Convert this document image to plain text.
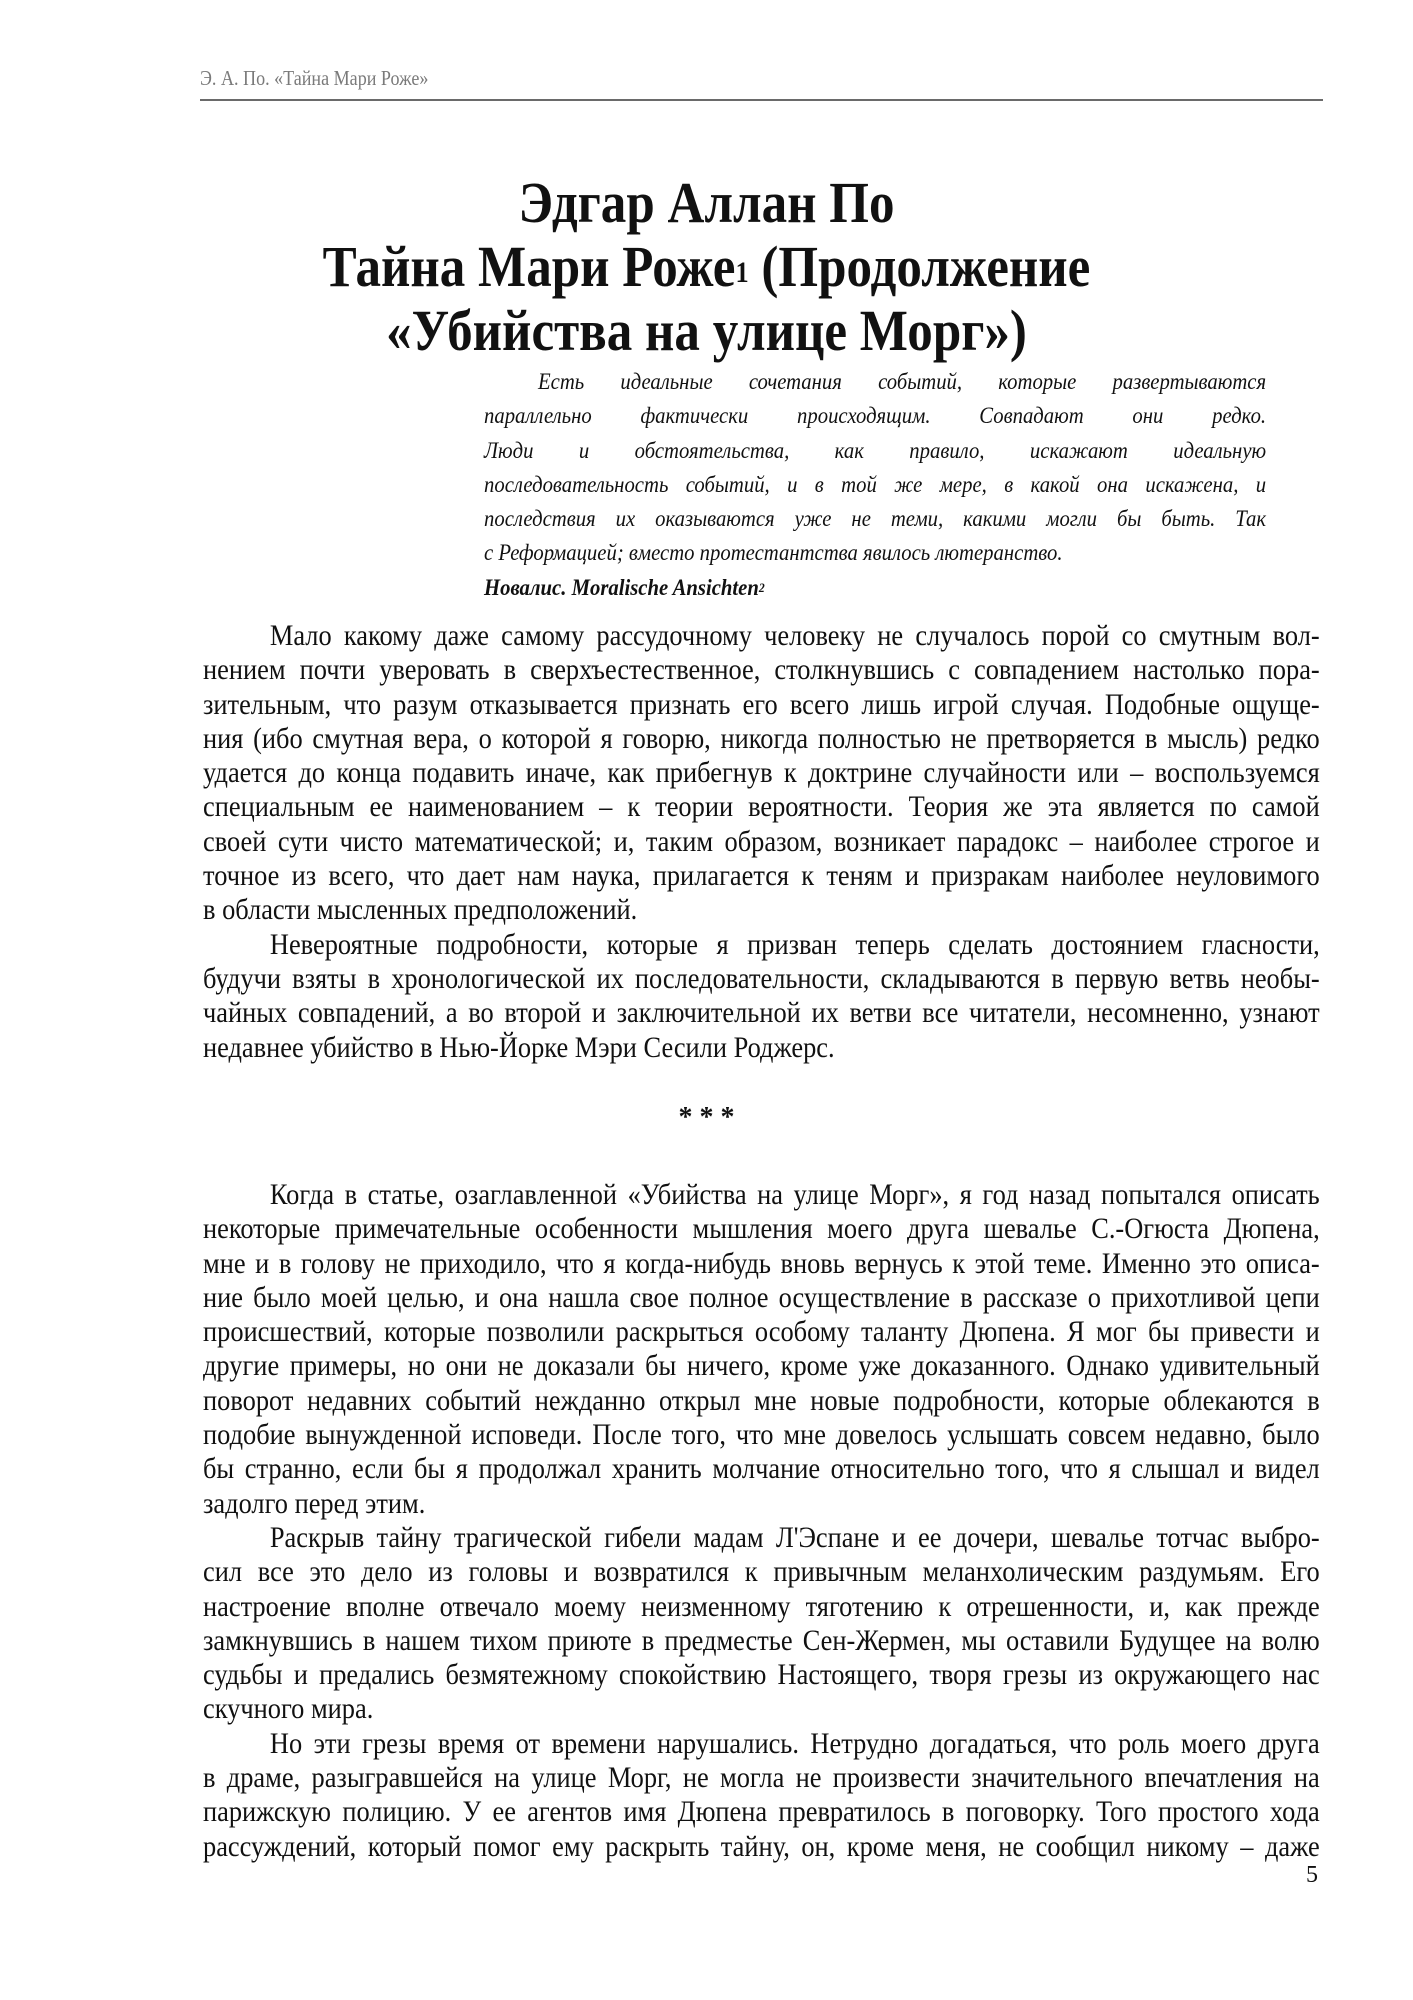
Э. А. По. «Тайна Мари Роже»
Эдгар Аллан По
Тайна Мари Роже$^1$ (Продолжение
«Убийства на улице Морг»)
Есть идеальные сочетания событий, которые развертываются
параллельно фактически происходящим. Совпадают они редко.
Люди и обстоятельства, как правило, искажают идеальную
последовательность событий, и в той же мере, в какой она искажена, и
последствия их оказываются уже не теми, какими могли бы быть. Так
с Реформацией; вместо протестантства явилось лютеранство.
Новалис. Moralische Ansichten$^2$
Мало какому даже самому рассудочному человеку не случалось порой со смутным вол-
нением почти уверовать в сверхъестественное, столкнувшись с совпадением настолько пора-
зительным, что разум отказывается признать его всего лишь игрой случая. Подобные ощуще-
ния (ибо смутная вера, о которой я говорю, никогда полностью не претворяется в мысль) редко
удается до конца подавить иначе, как прибегнув к доктрине случайности или – воспользуемся
специальным ее наименованием – к теории вероятности. Теория же эта является по самой
своей сути чисто математической; и, таким образом, возникает парадокс – наиболее строгое и
точное из всего, что дает нам наука, прилагается к теням и призракам наиболее неуловимого
в области мысленных предположений.
Невероятные подробности, которые я призван теперь сделать достоянием гласности,
будучи взяты в хронологической их последовательности, складываются в первую ветвь необы-
чайных совпадений, а во второй и заключительной их ветви все читатели, несомненно, узнают
недавнее убийство в Нью-Йорке Мэри Сесили Роджерс.
* * *
Когда в статье, озаглавленной «Убийства на улице Морг», я год назад попытался описать
некоторые примечательные особенности мышления моего друга шевалье С.-Огюста Дюпена,
мне и в голову не приходило, что я когда-нибудь вновь вернусь к этой теме. Именно это описа-
ние было моей целью, и она нашла свое полное осуществление в рассказе о прихотливой цепи
происшествий, которые позволили раскрыться особому таланту Дюпена. Я мог бы привести и
другие примеры, но они не доказали бы ничего, кроме уже доказанного. Однако удивительный
поворот недавних событий нежданно открыл мне новые подробности, которые облекаются в
подобие вынужденной исповеди. После того, что мне довелось услышать совсем недавно, было
бы странно, если бы я продолжал хранить молчание относительно того, что я слышал и видел
задолго перед этим.
Раскрыв тайну трагической гибели мадам Л'Эспане и ее дочери, шевалье тотчас выбро-
сил все это дело из головы и возвратился к привычным меланхолическим раздумьям. Его
настроение вполне отвечало моему неизменному тяготению к отрешенности, и, как прежде
замкнувшись в нашем тихом приюте в предместье Сен-Жермен, мы оставили Будущее на волю
судьбы и предались безмятежному спокойствию Настоящего, творя грезы из окружающего нас
скучного мира.
Но эти грезы время от времени нарушались. Нетрудно догадаться, что роль моего друга
в драме, разыгравшейся на улице Морг, не могла не произвести значительного впечатления на
парижскую полицию. У ее агентов имя Дюпена превратилось в поговорку. Того простого хода
рассуждений, который помог ему раскрыть тайну, он, кроме меня, не сообщил никому – даже
5
